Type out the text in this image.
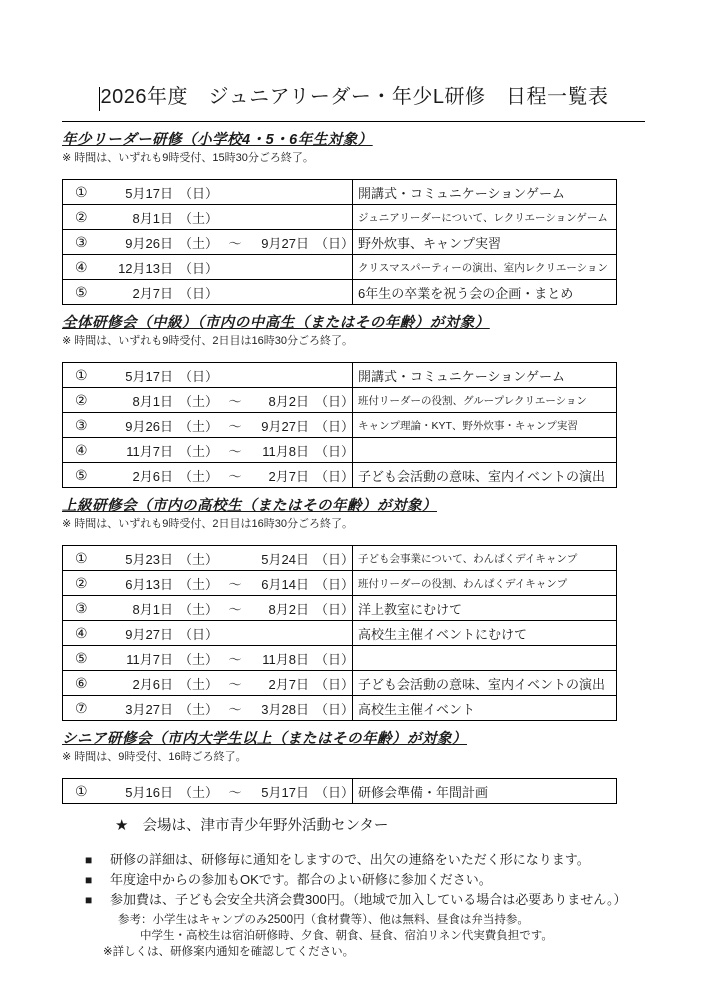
2026年度　ジュニアリーダー・年少L研修　日程一覧表
年少リーダー研修（小学校4・5・6年生対象）
※ 時間は、いずれも9時受付、15時30分ごろ終了。
①	5月17日 （日）	開講式・コミュニケーションゲーム
②	8月1日 （土）	ジュニアリーダーについて、レクリエーションゲーム
③	9月26日 （土） ～	9月27日 （日） 野外炊事、キャンプ実習
④	12月13日 （日）	クリスマスパーティーの演出、室内レクリエーション
⑤	2月7日 （日）	6年生の卒業を祝う会の企画・まとめ
全体研修会（中級）（市内の中高生（またはその年齢）が対象）
※ 時間は、いずれも9時受付、2日目は16時30分ごろ終了。
①	5月17日 （日）	開講式・コミュニケーションゲーム
②	8月1日 （土） ～	8月2日 （日） 班付リーダーの役割、グループレクリエーション
③	9月26日 （土） ～	9月27日 （日） キャンプ理論・KYT、野外炊事・キャンプ実習
④	11月7日 （土） ～	11月8日 （日）
⑤	2月6日 （土） ～	2月7日 （日） 子ども会活動の意味、室内イベントの演出
上級研修会（市内の高校生（またはその年齢）が対象）
※ 時間は、いずれも9時受付、2日目は16時30分ごろ終了。
①	5月23日 （土）	5月24日 （日） 子ども会事業について、わんぱくデイキャンプ
②	6月13日 （土） ～	6月14日 （日） 班付リーダーの役割、わんぱくデイキャンプ
③	8月1日 （土） ～	8月2日 （日） 洋上教室にむけて
④	9月27日 （日）	高校生主催イベントにむけて
⑤	11月7日 （土） ～	11月8日 （日）
⑥	2月6日 （土） ～	2月7日 （日） 子ども会活動の意味、室内イベントの演出
⑦	3月27日 （土） ～	3月28日 （日） 高校生主催イベント
シニア研修会（市内大学生以上（またはその年齢）が対象）
※ 時間は、9時受付、16時ごろ終了。
①	5月16日 （土） ～	5月17日 （日） 研修会準備・年間計画
★ 会場は、津市青少年野外活動センター
■	研修の詳細は、研修毎に通知をしますので、出欠の連絡をいただく形になります。
■	年度途中からの参加もOKです。都合のよい研修に参加ください。
■	参加費は、子ども会安全共済会費300円。（地域で加入している場合は必要ありません。）
参考：小学生はキャンプのみ2500円（食材費等）、他は無料、昼食は弁当持参。
中学生・高校生は宿泊研修時、夕食、朝食、昼食、宿泊リネン代実費負担です。
※詳しくは、研修案内通知を確認してください。
